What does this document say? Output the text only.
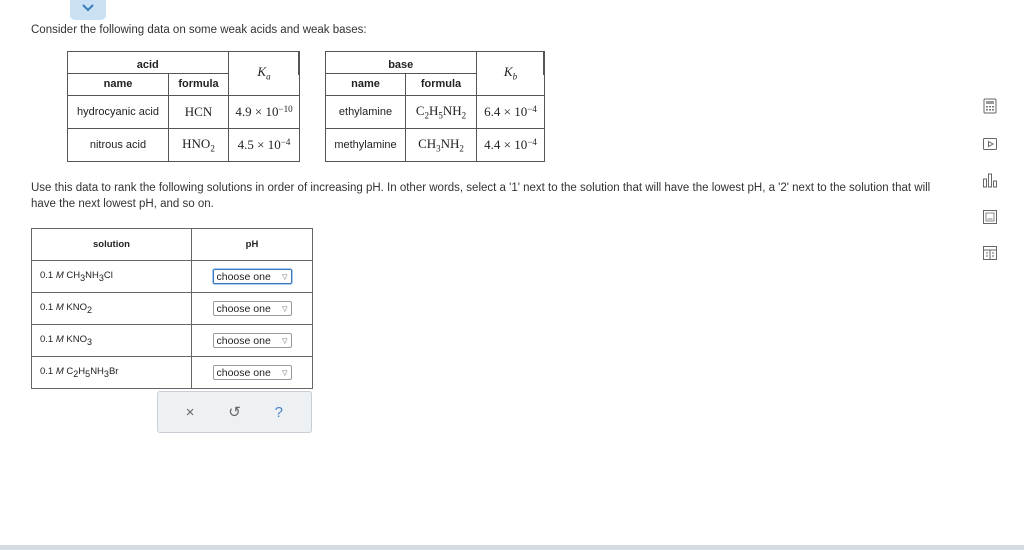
Consider the following data on some weak acids and weak bases:
acid		$K_a$
name	formula	
hydrocyanic acid	HCN	$4.9 \times 10^{-10}$
nitrous acid	$HNO_2$	$4.5 \times 10^{-4}$
base		$K_b$
name	formula	
ethylamine	$C_2H_5NH_2$	$6.4 \times 10^{-4}$
methylamine	$CH_3NH_2$	$4.4 \times 10^{-4}$
Use this data to rank the following solutions in order of increasing pH. In other words, select a '1' next to the solution that will have the lowest pH, a '2' next to the solution that will have the next lowest pH, and so on.
solution	pH
0.1 M $CH_3NH_3Cl$	choose one ▽

0.1 M $KNO_2$	choose one ▽

0.1 M $KNO_3$	choose one ▽

0.1 M $C_2H_5NH_3Br$	choose one ▽
×	↺	?
